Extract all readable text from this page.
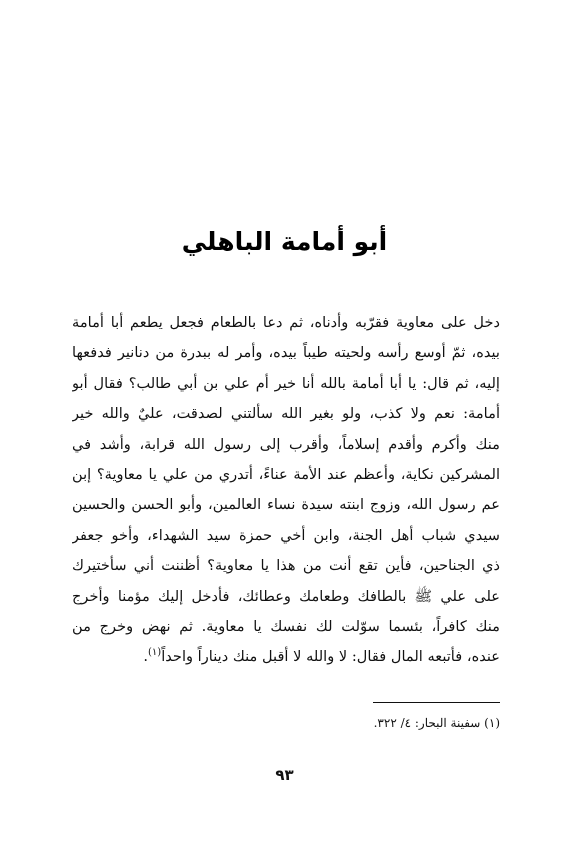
أبو أمامة الباهلي
دخل على معاوية فقرّبه وأدناه، ثم دعا بالطعام فجعل يطعم أبا أمامة
بيده، ثمّ أوسع رأسه ولحيته طيباً بيده، وأمر له ببدرة من دنانير فدفعها
إليه، ثم قال: يا أبا أمامة بالله أنا خير أم علي بن أبي طالب؟ فقال أبو
أمامة: نعم ولا كذب، ولو بغير الله سألتني لصدقت، عليٌ والله خير
منك وأكرم وأقدم إسلاماً، وأقرب إلى رسول الله قرابة، وأشد في
المشركين نكاية، وأعظم عند الأمة عناءً، أتدري من علي يا معاوية؟ إبن
عم رسول الله، وزوج ابنته سيدة نساء العالمين، وأبو الحسن والحسين
سيدي شباب أهل الجنة، وابن أخي حمزة سيد الشهداء، وأخو جعفر
ذي الجناحين، فأين تقع أنت من هذا يا معاوية؟ أظننت أني سأختيرك
على علي ﷺ بالطافك وطعامك وعطائك، فأدخل إليك مؤمنا وأخرج
منك كافراً، بئسما سوّلت لك نفسك يا معاوية. ثم نهض وخرج من
عنده، فأتبعه المال فقال: لا والله لا أقبل منك ديناراً واحداً$^{(١)}$.
(١) سفينة البحار: ٤/ ٣٢٢.
٩٣
